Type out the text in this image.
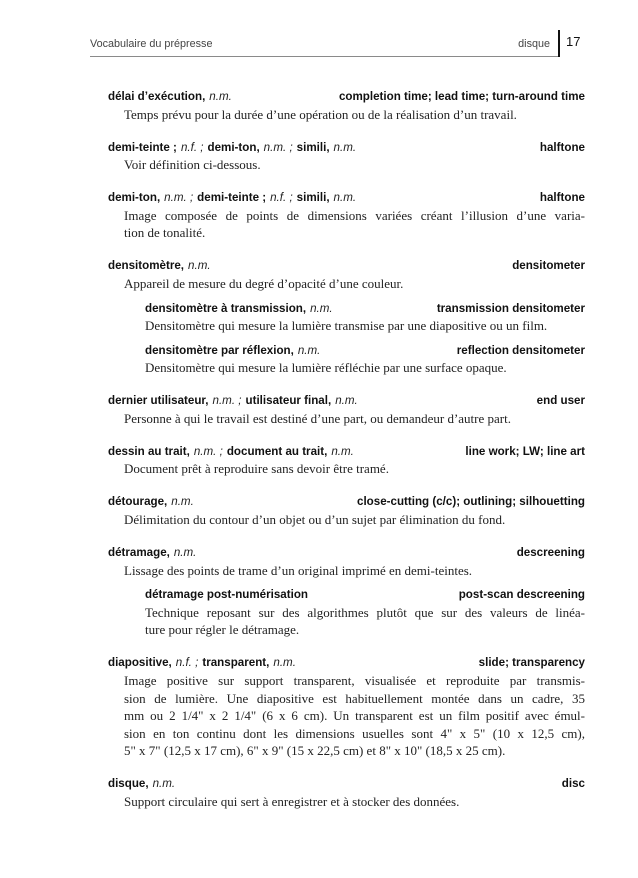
Vocabulaire du prépresse	disque 17
délai d’exécution, n.m.	completion time; lead time; turn-around time
Temps prévu pour la durée d’une opération ou de la réalisation d’un travail.
demi-teinte ; n.f. ; demi-ton, n.m. ; simili, n.m.	halftone
Voir définition ci-dessous.
demi-ton, n.m. ; demi-teinte ; n.f. ; simili, n.m.	halftone
Image composée de points de dimensions variées créant l’illusion d’une varia-
tion de tonalité.
densitomètre, n.m.	densitometer
Appareil de mesure du degré d’opacité d’une couleur.
densitomètre à transmission, n.m.	transmission densitometer
Densitomètre qui mesure la lumière transmise par une diapositive ou un film.
densitomètre par réflexion, n.m.	reflection densitometer
Densitomètre qui mesure la lumière réfléchie par une surface opaque.
dernier utilisateur, n.m. ; utilisateur final, n.m.	end user
Personne à qui le travail est destiné d’une part, ou demandeur d’autre part.
dessin au trait, n.m. ; document au trait, n.m.	line work; LW; line art
Document prêt à reproduire sans devoir être tramé.
détourage, n.m.	close-cutting (c/c); outlining; silhouetting
Délimitation du contour d’un objet ou d’un sujet par élimination du fond.
détramage, n.m.	descreening
Lissage des points de trame d’un original imprimé en demi-teintes.
détramage post-numérisation	post-scan descreening
Technique reposant sur des algorithmes plutôt que sur des valeurs de linéa-
ture pour régler le détramage.
diapositive, n.f. ; transparent, n.m.	slide; transparency
Image positive sur support transparent, visualisée et reproduite par transmis-
sion de lumière. Une diapositive est habituellement montée dans un cadre, 35
mm ou 2 1/4" x 2 1/4" (6 x 6 cm). Un transparent est un film positif avec émul-
sion en ton continu dont les dimensions usuelles sont 4" x 5" (10 x 12,5 cm),
5" x 7" (12,5 x 17 cm), 6" x 9" (15 x 22,5 cm) et 8" x 10" (18,5 x 25 cm).
disque, n.m.	disc
Support circulaire qui sert à enregistrer et à stocker des données.
